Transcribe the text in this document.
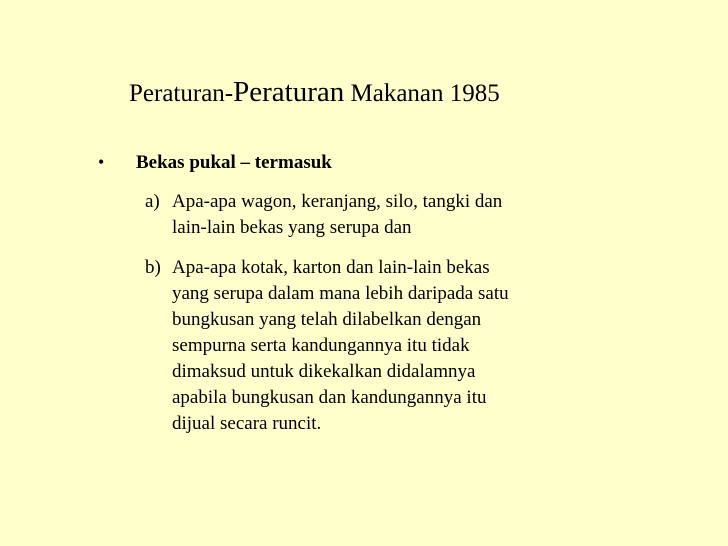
Peraturan-Peraturan Makanan 1985
• Bekas pukal – termasuk
a) Apa-apa wagon, keranjang, silo, tangki dan
lain-lain bekas yang serupa dan
b) Apa-apa kotak, karton dan lain-lain bekas
yang serupa dalam mana lebih daripada satu
bungkusan yang telah dilabelkan dengan
sempurna serta kandungannya itu tidak
dimaksud untuk dikekalkan didalamnya
apabila bungkusan dan kandungannya itu
dijual secara runcit.
